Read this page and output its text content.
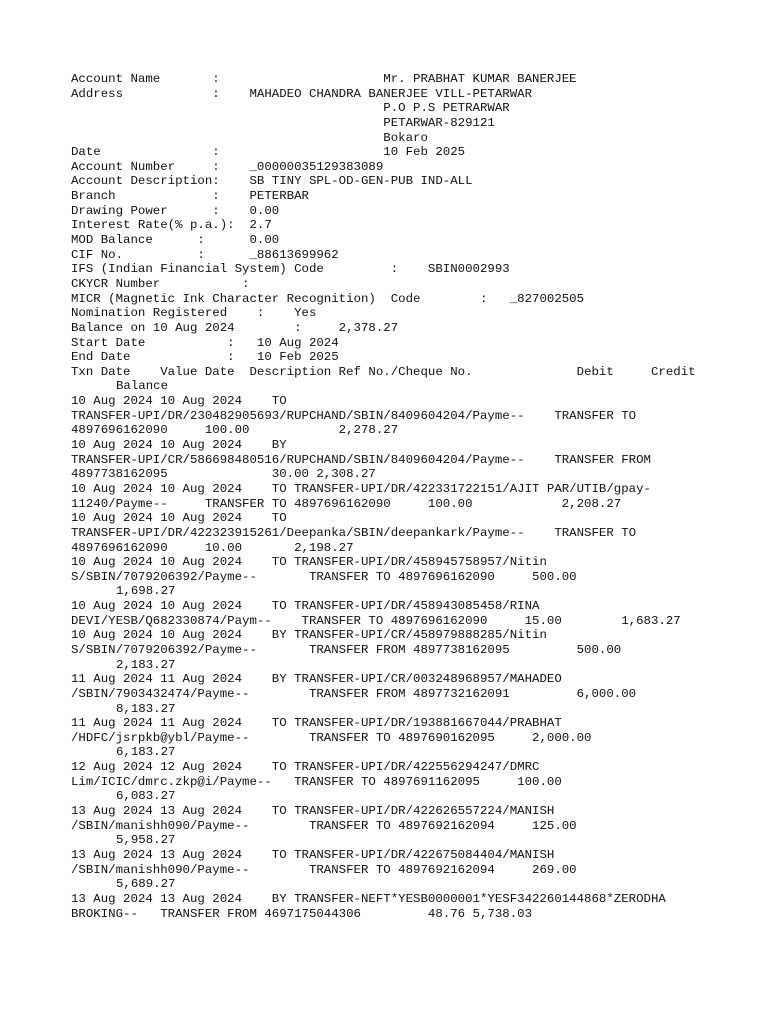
Account Name       :                      Mr. PRABHAT KUMAR BANERJEE
Address            :    MAHADEO CHANDRA BANERJEE VILL-PETARWAR
P.O P.S PETRARWAR
PETARWAR-829121
Bokaro
Date               :                      10 Feb 2025
Account Number     :    _00000035129383089
Account Description:    SB TINY SPL-OD-GEN-PUB IND-ALL
Branch             :    PETERBAR
Drawing Power      :    0.00
Interest Rate(% p.a.):  2.7
MOD Balance      :      0.00
CIF No.          :      _88613699962
IFS (Indian Financial System) Code         :    SBIN0002993
CKYCR Number           :
MICR (Magnetic Ink Character Recognition)  Code        :   _827002505
Nomination Registered    :    Yes
Balance on 10 Aug 2024        :     2,378.27
Start Date           :   10 Aug 2024
End Date             :   10 Feb 2025
Txn Date    Value Date  Description Ref No./Cheque No.              Debit     Credit
Balance
10 Aug 2024 10 Aug 2024    TO
TRANSFER-UPI/DR/230482905693/RUPCHAND/SBIN/8409604204/Payme--    TRANSFER TO
4897696162090     100.00            2,278.27
10 Aug 2024 10 Aug 2024    BY
TRANSFER-UPI/CR/586698480516/RUPCHAND/SBIN/8409604204/Payme--    TRANSFER FROM
4897738162095              30.00 2,308.27
10 Aug 2024 10 Aug 2024    TO TRANSFER-UPI/DR/422331722151/AJIT PAR/UTIB/gpay-
11240/Payme--     TRANSFER TO 4897696162090     100.00            2,208.27
10 Aug 2024 10 Aug 2024    TO
TRANSFER-UPI/DR/422323915261/Deepanka/SBIN/deepankark/Payme--    TRANSFER TO
4897696162090     10.00       2,198.27
10 Aug 2024 10 Aug 2024    TO TRANSFER-UPI/DR/458945758957/Nitin
S/SBIN/7079206392/Payme--       TRANSFER TO 4897696162090     500.00
1,698.27
10 Aug 2024 10 Aug 2024    TO TRANSFER-UPI/DR/458943085458/RINA
DEVI/YESB/Q682330874/Paym--    TRANSFER TO 4897696162090     15.00        1,683.27
10 Aug 2024 10 Aug 2024    BY TRANSFER-UPI/CR/458979888285/Nitin
S/SBIN/7079206392/Payme--       TRANSFER FROM 4897738162095         500.00
2,183.27
11 Aug 2024 11 Aug 2024    BY TRANSFER-UPI/CR/003248968957/MAHADEO
/SBIN/7903432474/Payme--        TRANSFER FROM 4897732162091         6,000.00
8,183.27
11 Aug 2024 11 Aug 2024    TO TRANSFER-UPI/DR/193881667044/PRABHAT
/HDFC/jsrpkb@ybl/Payme--        TRANSFER TO 4897690162095     2,000.00
6,183.27
12 Aug 2024 12 Aug 2024    TO TRANSFER-UPI/DR/422556294247/DMRC
Lim/ICIC/dmrc.zkp@i/Payme--   TRANSFER TO 4897691162095     100.00
6,083.27
13 Aug 2024 13 Aug 2024    TO TRANSFER-UPI/DR/422626557224/MANISH
/SBIN/manishh090/Payme--        TRANSFER TO 4897692162094     125.00
5,958.27
13 Aug 2024 13 Aug 2024    TO TRANSFER-UPI/DR/422675084404/MANISH
/SBIN/manishh090/Payme--        TRANSFER TO 4897692162094     269.00
5,689.27
13 Aug 2024 13 Aug 2024    BY TRANSFER-NEFT*YESB0000001*YESF342260144868*ZERODHA
BROKING--   TRANSFER FROM 4697175044306         48.76 5,738.03
